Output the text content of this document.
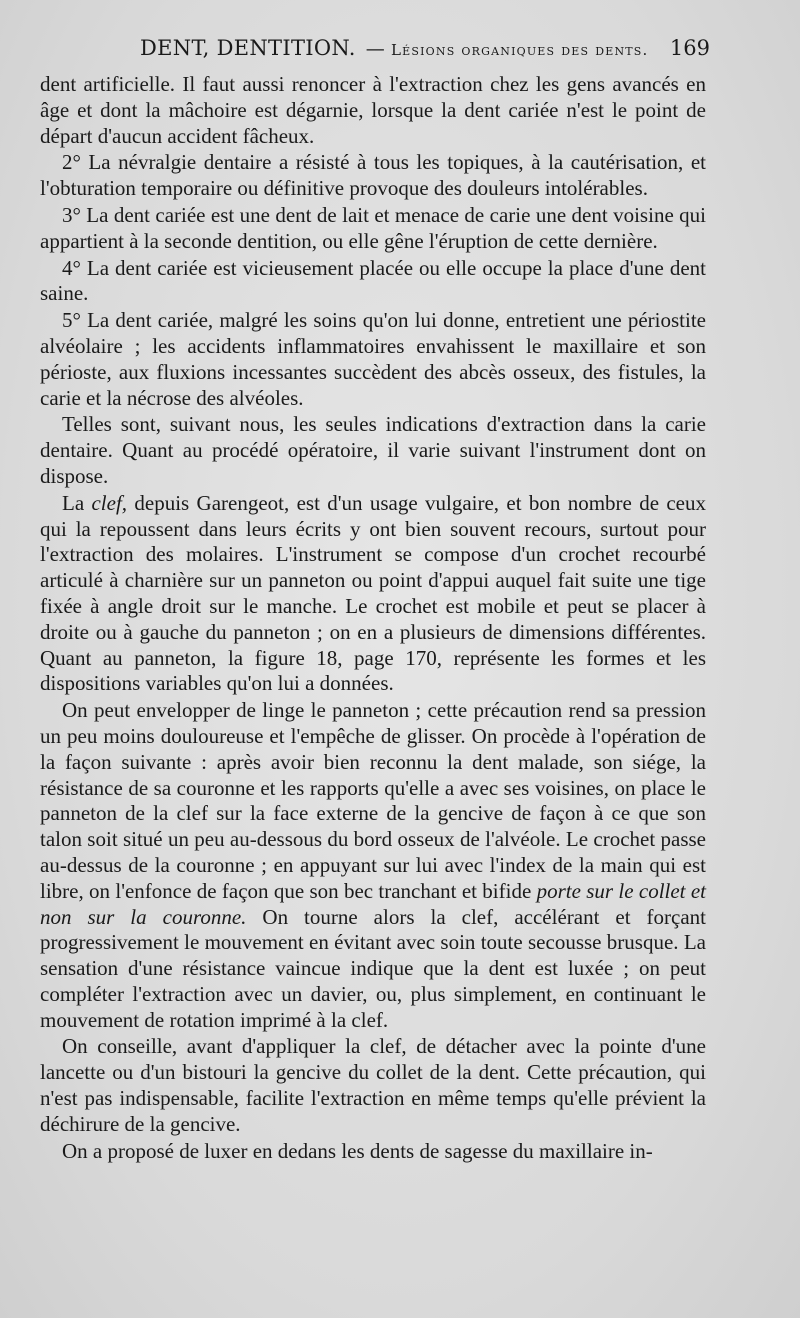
DENT, DENTITION. — Lésions organiques des dents. 169

dent artificielle. Il faut aussi renoncer à l'extraction chez les gens avancés en âge et dont la mâchoire est dégarnie, lorsque la dent cariée n'est le point de départ d'aucun accident fâcheux.

2° La névralgie dentaire a résisté à tous les topiques, à la cautérisation, et l'obturation temporaire ou définitive provoque des douleurs intolérables.

3° La dent cariée est une dent de lait et menace de carie une dent voisine qui appartient à la seconde dentition, ou elle gêne l'éruption de cette dernière.

4° La dent cariée est vicieusement placée ou elle occupe la place d'une dent saine.

5° La dent cariée, malgré les soins qu'on lui donne, entretient une périostite alvéolaire ; les accidents inflammatoires envahissent le maxillaire et son périoste, aux fluxions incessantes succèdent des abcès osseux, des fistules, la carie et la nécrose des alvéoles.

Telles sont, suivant nous, les seules indications d'extraction dans la carie dentaire. Quant au procédé opératoire, il varie suivant l'instrument dont on dispose.

La clef, depuis Garengeot, est d'un usage vulgaire, et bon nombre de ceux qui la repoussent dans leurs écrits y ont bien souvent recours, surtout pour l'extraction des molaires. L'instrument se compose d'un crochet recourbé articulé à charnière sur un panneton ou point d'appui auquel fait suite une tige fixée à angle droit sur le manche. Le crochet est mobile et peut se placer à droite ou à gauche du panneton ; on en a plusieurs de dimensions différentes. Quant au panneton, la figure 18, page 170, représente les formes et les dispositions variables qu'on lui a données.

On peut envelopper de linge le panneton ; cette précaution rend sa pression un peu moins douloureuse et l'empêche de glisser. On procède à l'opération de la façon suivante : après avoir bien reconnu la dent malade, son siége, la résistance de sa couronne et les rapports qu'elle a avec ses voisines, on place le panneton de la clef sur la face externe de la gencive de façon à ce que son talon soit situé un peu au-dessous du bord osseux de l'alvéole. Le crochet passe au-dessus de la couronne ; en appuyant sur lui avec l'index de la main qui est libre, on l'enfonce de façon que son bec tranchant et bifide porte sur le collet et non sur la couronne. On tourne alors la clef, accélérant et forçant progressivement le mouvement en évitant avec soin toute secousse brusque. La sensation d'une résistance vaincue indique que la dent est luxée ; on peut compléter l'extraction avec un davier, ou, plus simplement, en continuant le mouvement de rotation imprimé à la clef.

On conseille, avant d'appliquer la clef, de détacher avec la pointe d'une lancette ou d'un bistouri la gencive du collet de la dent. Cette précaution, qui n'est pas indispensable, facilite l'extraction en même temps qu'elle prévient la déchirure de la gencive.

On a proposé de luxer en dedans les dents de sagesse du maxillaire in-
